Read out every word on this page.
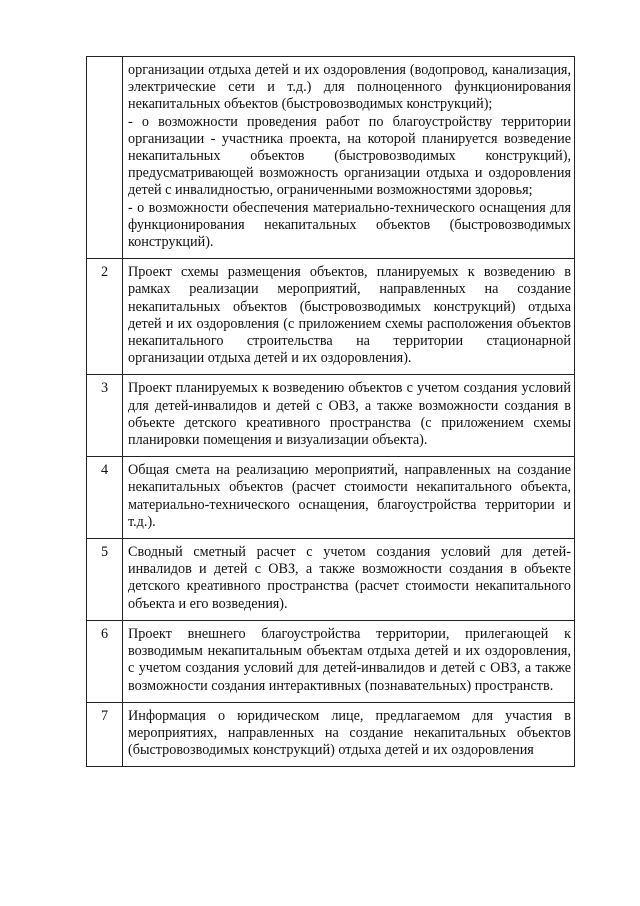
	организации отдыха детей и их оздоровления (водопровод, канализация, электрические сети и т.д.) для полноценного функционирования некапитальных объектов (быстровозводимых конструкций);

- о возможности проведения работ по благоустройству территории организации - участника проекта, на которой планируется возведение некапитальных объектов (быстровозводимых конструкций), предусматривающей возможность организации отдыха и оздоровления детей с инвалидностью, ограниченными возможностями здоровья;

- о возможности обеспечения материально-технического оснащения для функционирования некапитальных объектов (быстровозводимых конструкций).

2	Проект схемы размещения объектов, планируемых к возведению в рамках реализации мероприятий, направленных на создание некапитальных объектов (быстровозводимых конструкций) отдыха детей и их оздоровления (с приложением схемы расположения объектов некапитального строительства на территории стационарной организации отдыха детей и их оздоровления).

3	Проект планируемых к возведению объектов с учетом создания условий для детей-инвалидов и детей с ОВЗ, а также возможности создания в объекте детского креативного пространства (с приложением схемы планировки помещения и визуализации объекта).

4	Общая смета на реализацию мероприятий, направленных на создание некапитальных объектов (расчет стоимости некапитального объекта, материально-технического оснащения, благоустройства территории и т.д.).

5	Сводный сметный расчет с учетом создания условий для детей-инвалидов и детей с ОВЗ, а также возможности создания в объекте детского креативного пространства (расчет стоимости некапитального объекта и его возведения).

6	Проект внешнего благоустройства территории, прилегающей к возводимым некапитальным объектам отдыха детей и их оздоровления, с учетом создания условий для детей-инвалидов и детей с ОВЗ, а также возможности создания интерактивных (познавательных) пространств.

7	Информация о юридическом лице, предлагаемом для участия в мероприятиях, направленных на создание некапитальных объектов (быстровозводимых конструкций) отдыха детей и их оздоровления
